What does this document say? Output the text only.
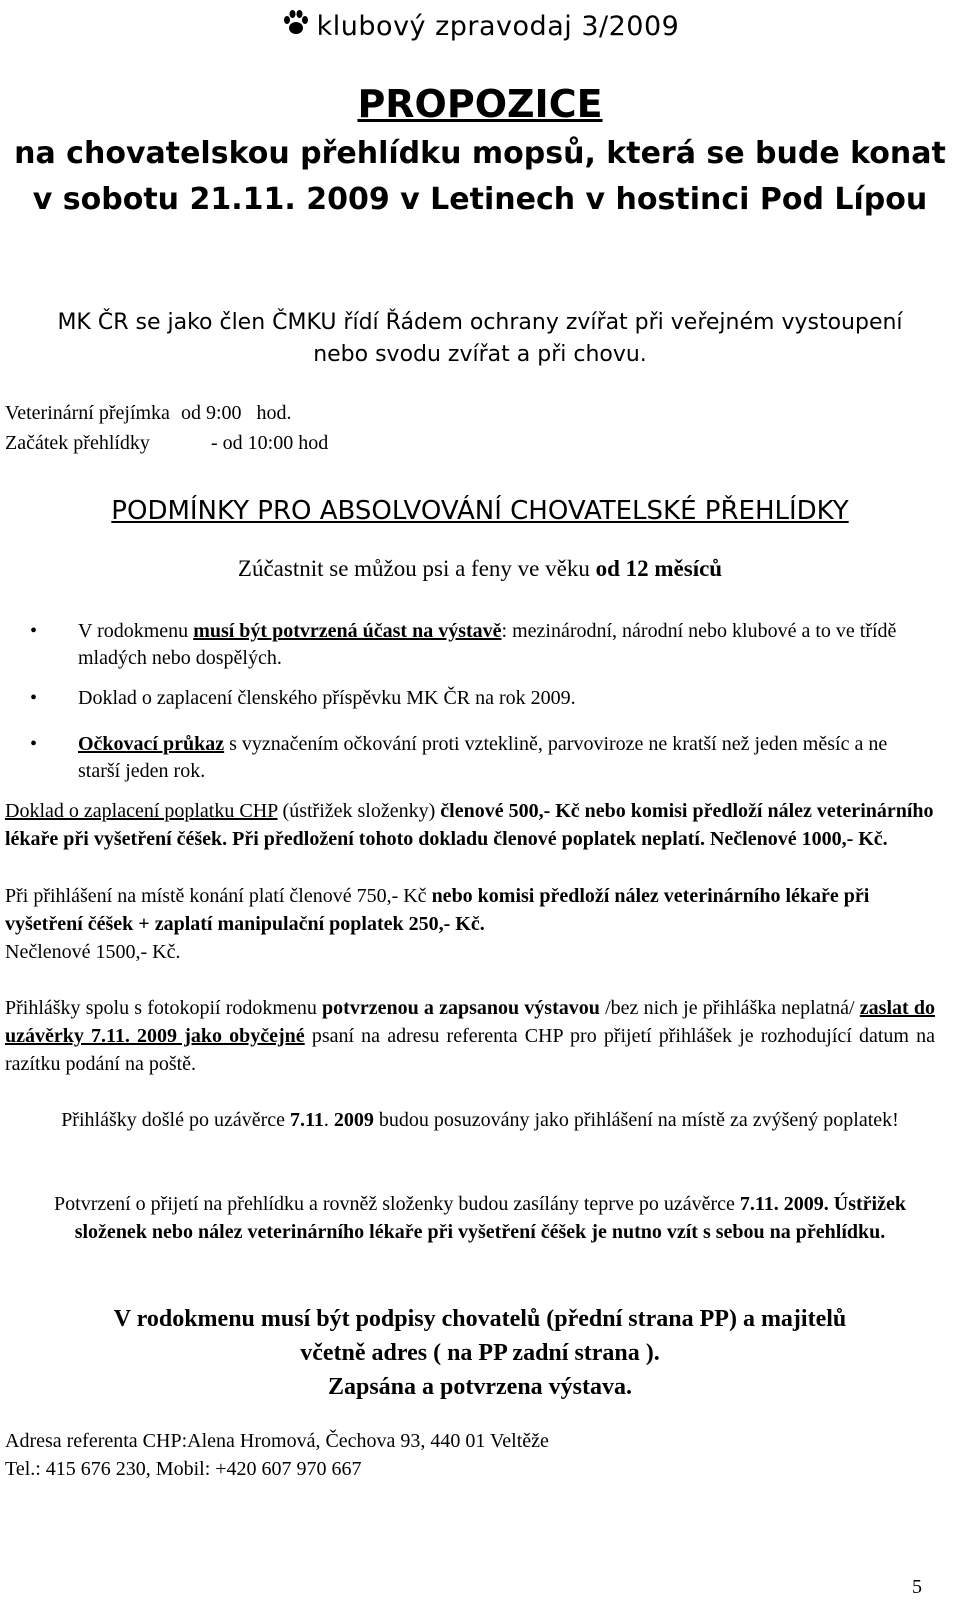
klubový zpravodaj 3/2009
PROPOZICE
na chovatelskou přehlídku mopsů, která se bude konat
v sobotu 21.11. 2009 v Letinech v hostinci Pod Lípou
MK ČR se jako člen ČMKU řídí Řádem ochrany zvířat při veřejném vystoupení
nebo svodu zvířat a při chovu.
Veterinární přejímka od 9:00   hod.
Začátek přehlídky	- od 10:00 hod
PODMÍNKY PRO ABSOLVOVÁNÍ CHOVATELSKÉ PŘEHLÍDKY
Zúčastnit se můžou psi a feny ve věku od 12 měsíců
• V rodokmenu musí být potvrzená účast na výstavě: mezinárodní, národní nebo klubové a to ve třídě mladých nebo dospělých.
• Doklad o zaplacení členského příspěvku MK ČR na rok 2009.
• Očkovací průkaz s vyznačením očkování proti vzteklině, parvoviroze ne kratší než jeden měsíc a ne starší jeden rok.
Doklad o zaplacení poplatku CHP (ústřižek složenky) členové 500,- Kč nebo komisi předloží nález veterinárního lékaře při vyšetření čéšek. Při předložení tohoto dokladu členové poplatek neplatí. Nečlenové 1000,- Kč.
Při přihlášení na místě konání platí členové 750,- Kč nebo komisi předloží nález veterinárního lékaře při vyšetření čéšek + zaplatí manipulační poplatek 250,- Kč.
Nečlenové 1500,- Kč.
Přihlášky spolu s fotokopií rodokmenu potvrzenou a zapsanou výstavou /bez nich je přihláška neplatná/ zaslat do uzávěrky 7.11. 2009 jako obyčejné psaní na adresu referenta CHP pro přijetí přihlášek je rozhodující datum na razítku podání na poště.
Přihlášky došlé po uzávěrce 7.11. 2009 budou posuzovány jako přihlášení na místě za zvýšený poplatek!
Potvrzení o přijetí na přehlídku a rovněž složenky budou zasílány teprve po uzávěrce 7.11. 2009. Ústřižek složenek nebo nález veterinárního lékaře při vyšetření čéšek je nutno vzít s sebou na přehlídku.
V rodokmenu musí být podpisy chovatelů (přední strana PP) a majitelů
včetně adres ( na PP zadní strana ).
Zapsána a potvrzena výstava.
Adresa referenta CHP:Alena Hromová, Čechova 93, 440 01 Veltěže
Tel.: 415 676 230, Mobil: +420 607 970 667
5
